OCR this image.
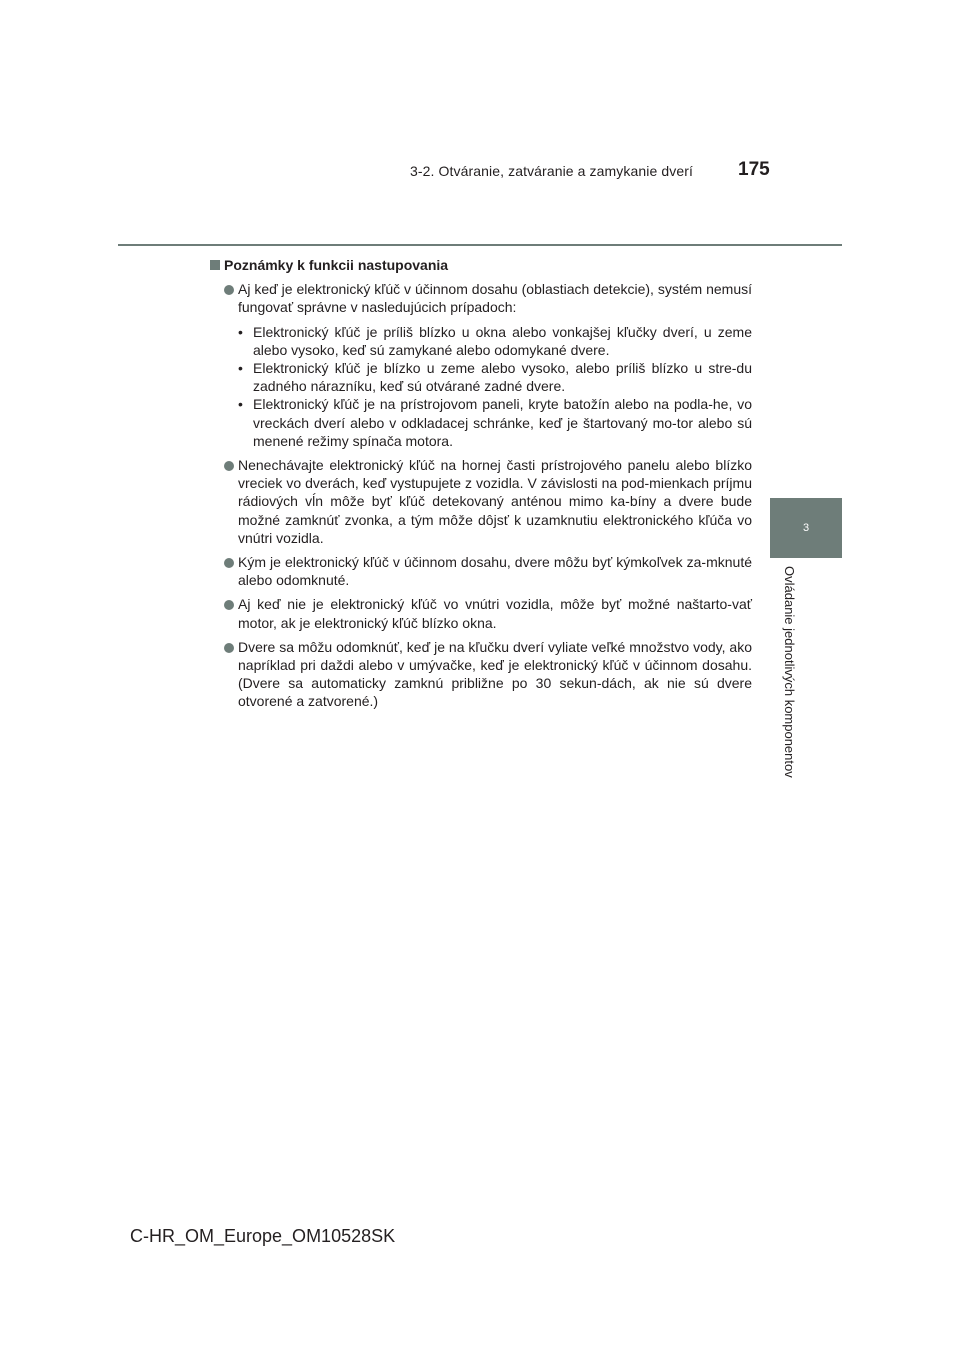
3-2. Otváranie, zatváranie a zamykanie dverí 175
3
Ovládanie jednotlivých komponentov
Poznámky k funkcii nastupovania
Aj keď je elektronický kľúč v účinnom dosahu (oblastiach detekcie), systém nemusí fungovať správne v nasledujúcich prípadoch:
• Elektronický kľúč je príliš blízko u okna alebo vonkajšej kľučky dverí, u zeme alebo vysoko, keď sú zamykané alebo odomykané dvere.
• Elektronický kľúč je blízko u zeme alebo vysoko, alebo príliš blízko u stre-du zadného nárazníku, keď sú otvárané zadné dvere.
• Elektronický kľúč je na prístrojovom paneli, kryte batožín alebo na podla-he, vo vreckách dverí alebo v odkladacej schránke, keď je štartovaný mo-tor alebo sú menené režimy spínača motora.
Nenechávajte elektronický kľúč na hornej časti prístrojového panelu alebo blízko vreciek vo dverách, keď vystupujete z vozidla. V závislosti na pod-mienkach príjmu rádiových vĺn môže byť kľúč detekovaný anténou mimo ka-bíny a dvere bude možné zamknúť zvonka, a tým môže dôjsť k uzamknutiu elektronického kľúča vo vnútri vozidla.
Kým je elektronický kľúč v účinnom dosahu, dvere môžu byť kýmkoľvek za-mknuté alebo odomknuté.
Aj keď nie je elektronický kľúč vo vnútri vozidla, môže byť možné naštarto-vať motor, ak je elektronický kľúč blízko okna.
Dvere sa môžu odomknúť, keď je na kľučku dverí vyliate veľké množstvo vody, ako napríklad pri daždi alebo v umývačke, keď je elektronický kľúč v účinnom dosahu. (Dvere sa automaticky zamknú približne po 30 sekun-dách, ak nie sú dvere otvorené a zatvorené.)
C-HR_OM_Europe_OM10528SK
